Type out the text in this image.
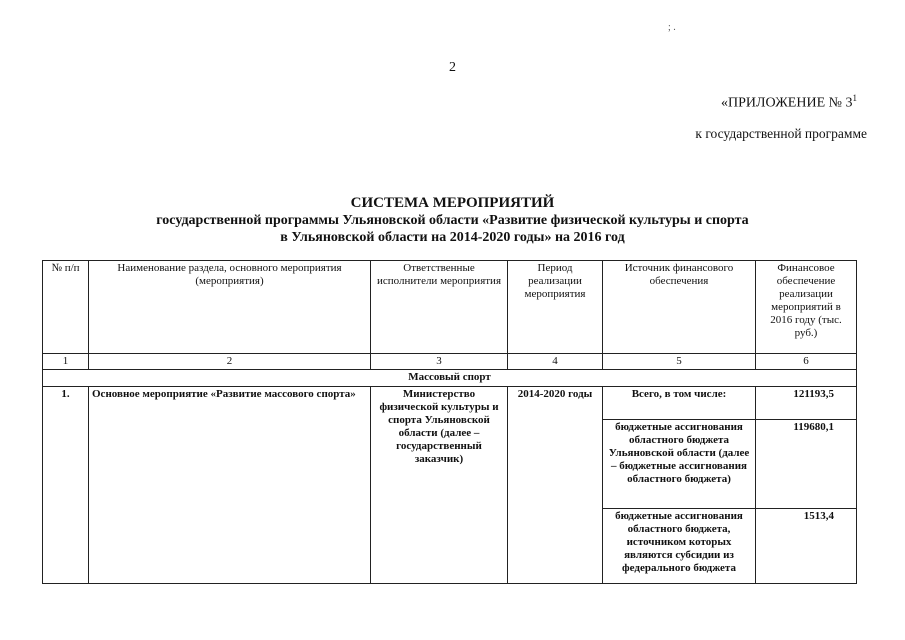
; .
2
«ПРИЛОЖЕНИЕ № $3^1$
к государственной программе
СИСТЕМА МЕРОПРИЯТИЙ
государственной программы Ульяновской области «Развитие физической культуры и спорта
в Ульяновской области на 2014-2020 годы» на 2016 год
№ п/п	Наименование раздела, основного мероприятия (мероприятия)	Ответственные исполнители мероприятия	Период реализации мероприятия	Источник финансового обеспечения	Финансовое обеспечение реализации мероприятий в 2016 году (тыс. руб.)
1	2	3	4	5	6
Массовый спорт					
1.	Основное мероприятие «Развитие массового спорта»	Министерство физической культуры и спорта Ульяновской области (далее – государственный заказчик)	2014-2020 годы	Всего, в том числе:	121193,5
				бюджетные ассигнования областного бюджета Ульяновской области (далее – бюджетные ассигнования областного бюджета)	119680,1
				бюджетные ассигнования областного бюджета, источником которых являются субсидии из федерального бюджета	1513,4
